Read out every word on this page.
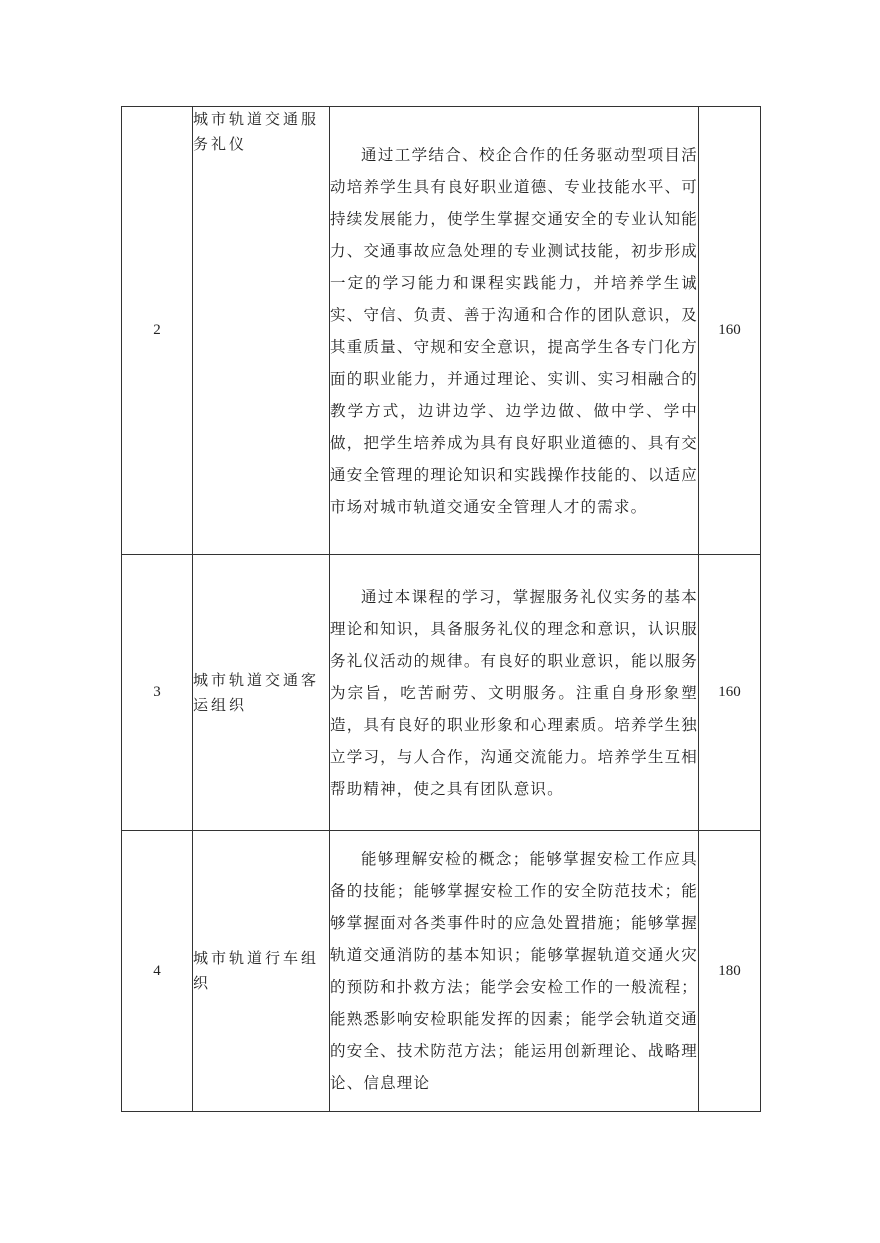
2	城市轨道交通服务礼仪	通过工学结合、校企合作的任务驱动型项目活动培养学生具有良好职业道德、专业技能水平、可持续发展能力，使学生掌握交通安全的专业认知能力、交通事故应急处理的专业测试技能，初步形成一定的学习能力和课程实践能力，并培养学生诚实、守信、负责、善于沟通和合作的团队意识，及其重质量、守规和安全意识，提高学生各专门化方面的职业能力，并通过理论、实训、实习相融合的教学方式，边讲边学、边学边做、做中学、学中做，把学生培养成为具有良好职业道德的、具有交通安全管理的理论知识和实践操作技能的、以适应市场对城市轨道交通安全管理人才的需求。	160
3	城市轨道交通客运组织	通过本课程的学习，掌握服务礼仪实务的基本理论和知识，具备服务礼仪的理念和意识，认识服务礼仪活动的规律。有良好的职业意识，能以服务为宗旨，吃苦耐劳、文明服务。注重自身形象塑造，具有良好的职业形象和心理素质。培养学生独立学习，与人合作，沟通交流能力。培养学生互相帮助精神，使之具有团队意识。	160
4	城市轨道行车组织	能够理解安检的概念；能够掌握安检工作应具备的技能；能够掌握安检工作的安全防范技术；能够掌握面对各类事件时的应急处置措施；能够掌握轨道交通消防的基本知识；能够掌握轨道交通火灾的预防和扑救方法；能学会安检工作的一般流程；能熟悉影响安检职能发挥的因素；能学会轨道交通的安全、技术防范方法；能运用创新理论、战略理论、信息理论	180
